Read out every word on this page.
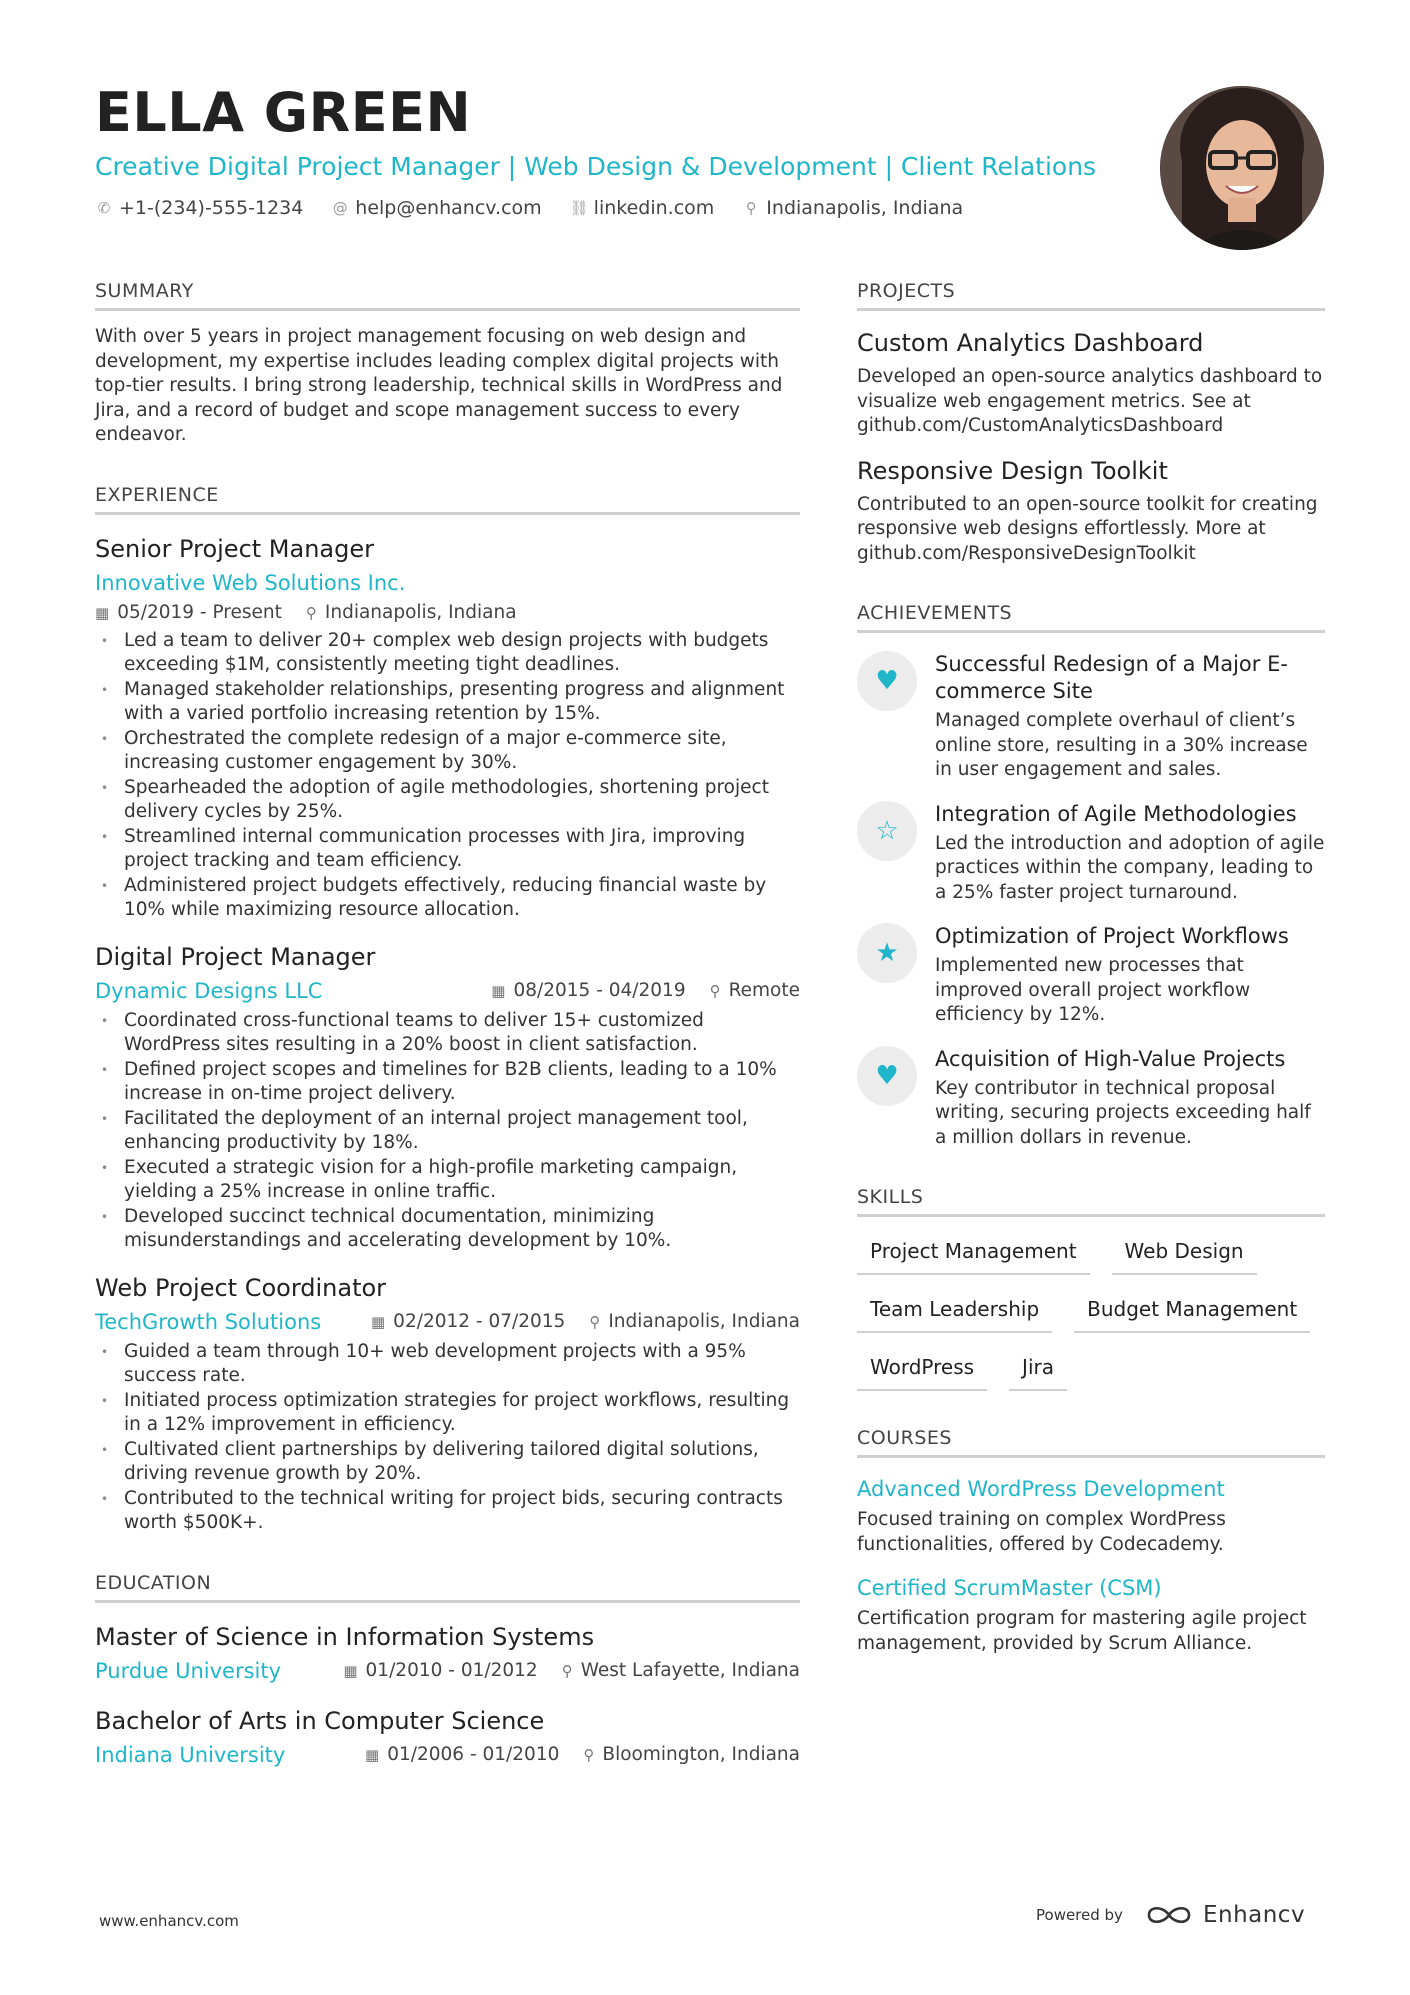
ELLA GREEN
Creative Digital Project Manager | Web Design & Development | Client Relations
✆ +1-(234)-555-1234 @ help@enhancv.com ⛓ linkedin.com ⚲ Indianapolis, Indiana
SUMMARY
With over 5 years in project management focusing on web design and development, my expertise includes leading complex digital projects with top-tier results. I bring strong leadership, technical skills in WordPress and Jira, and a record of budget and scope management success to every endeavor.
EXPERIENCE
Senior Project Manager
Innovative Web Solutions Inc.
▦ 05/2019 - Present ⚲ Indianapolis, Indiana
• Led a team to deliver 20+ complex web design projects with budgets exceeding $1M, consistently meeting tight deadlines.
• Managed stakeholder relationships, presenting progress and alignment with a varied portfolio increasing retention by 15%.
• Orchestrated the complete redesign of a major e-commerce site, increasing customer engagement by 30%.
• Spearheaded the adoption of agile methodologies, shortening project delivery cycles by 25%.
• Streamlined internal communication processes with Jira, improving project tracking and team efficiency.
• Administered project budgets effectively, reducing financial waste by 10% while maximizing resource allocation.
Digital Project Manager
Dynamic Designs LLC	▦ 08/2015 - 04/2019 ⚲ Remote
• Coordinated cross-functional teams to deliver 15+ customized WordPress sites resulting in a 20% boost in client satisfaction.
• Defined project scopes and timelines for B2B clients, leading to a 10% increase in on-time project delivery.
• Facilitated the deployment of an internal project management tool, enhancing productivity by 18%.
• Executed a strategic vision for a high-profile marketing campaign, yielding a 25% increase in online traffic.
• Developed succinct technical documentation, minimizing misunderstandings and accelerating development by 10%.
Web Project Coordinator
TechGrowth Solutions	▦ 02/2012 - 07/2015 ⚲ Indianapolis, Indiana
• Guided a team through 10+ web development projects with a 95% success rate.
• Initiated process optimization strategies for project workflows, resulting in a 12% improvement in efficiency.
• Cultivated client partnerships by delivering tailored digital solutions, driving revenue growth by 20%.
• Contributed to the technical writing for project bids, securing contracts worth $500K+.
EDUCATION
Master of Science in Information Systems
Purdue University	▦ 01/2010 - 01/2012 ⚲ West Lafayette, Indiana
Bachelor of Arts in Computer Science
Indiana University	▦ 01/2006 - 01/2010 ⚲ Bloomington, Indiana
PROJECTS
Custom Analytics Dashboard
Developed an open-source analytics dashboard to visualize web engagement metrics. See at github.com/CustomAnalyticsDashboard
Responsive Design Toolkit
Contributed to an open-source toolkit for creating responsive web designs effortlessly. More at github.com/ResponsiveDesignToolkit
ACHIEVEMENTS
♥
Successful Redesign of a Major E-commerce Site
Managed complete overhaul of client’s online store, resulting in a 30% increase in user engagement and sales.
☆
Integration of Agile Methodologies
Led the introduction and adoption of agile practices within the company, leading to a 25% faster project turnaround.
★
Optimization of Project Workflows
Implemented new processes that improved overall project workflow efficiency by 12%.
♥
Acquisition of High-Value Projects
Key contributor in technical proposal writing, securing projects exceeding half a million dollars in revenue.
SKILLS
Project Management	Web Design
Team Leadership	Budget Management
WordPress	Jira
COURSES
Advanced WordPress Development
Focused training on complex WordPress functionalities, offered by Codecademy.
Certified ScrumMaster (CSM)
Certification program for mastering agile project management, provided by Scrum Alliance.
www.enhancv.com	Powered by	Enhancv
